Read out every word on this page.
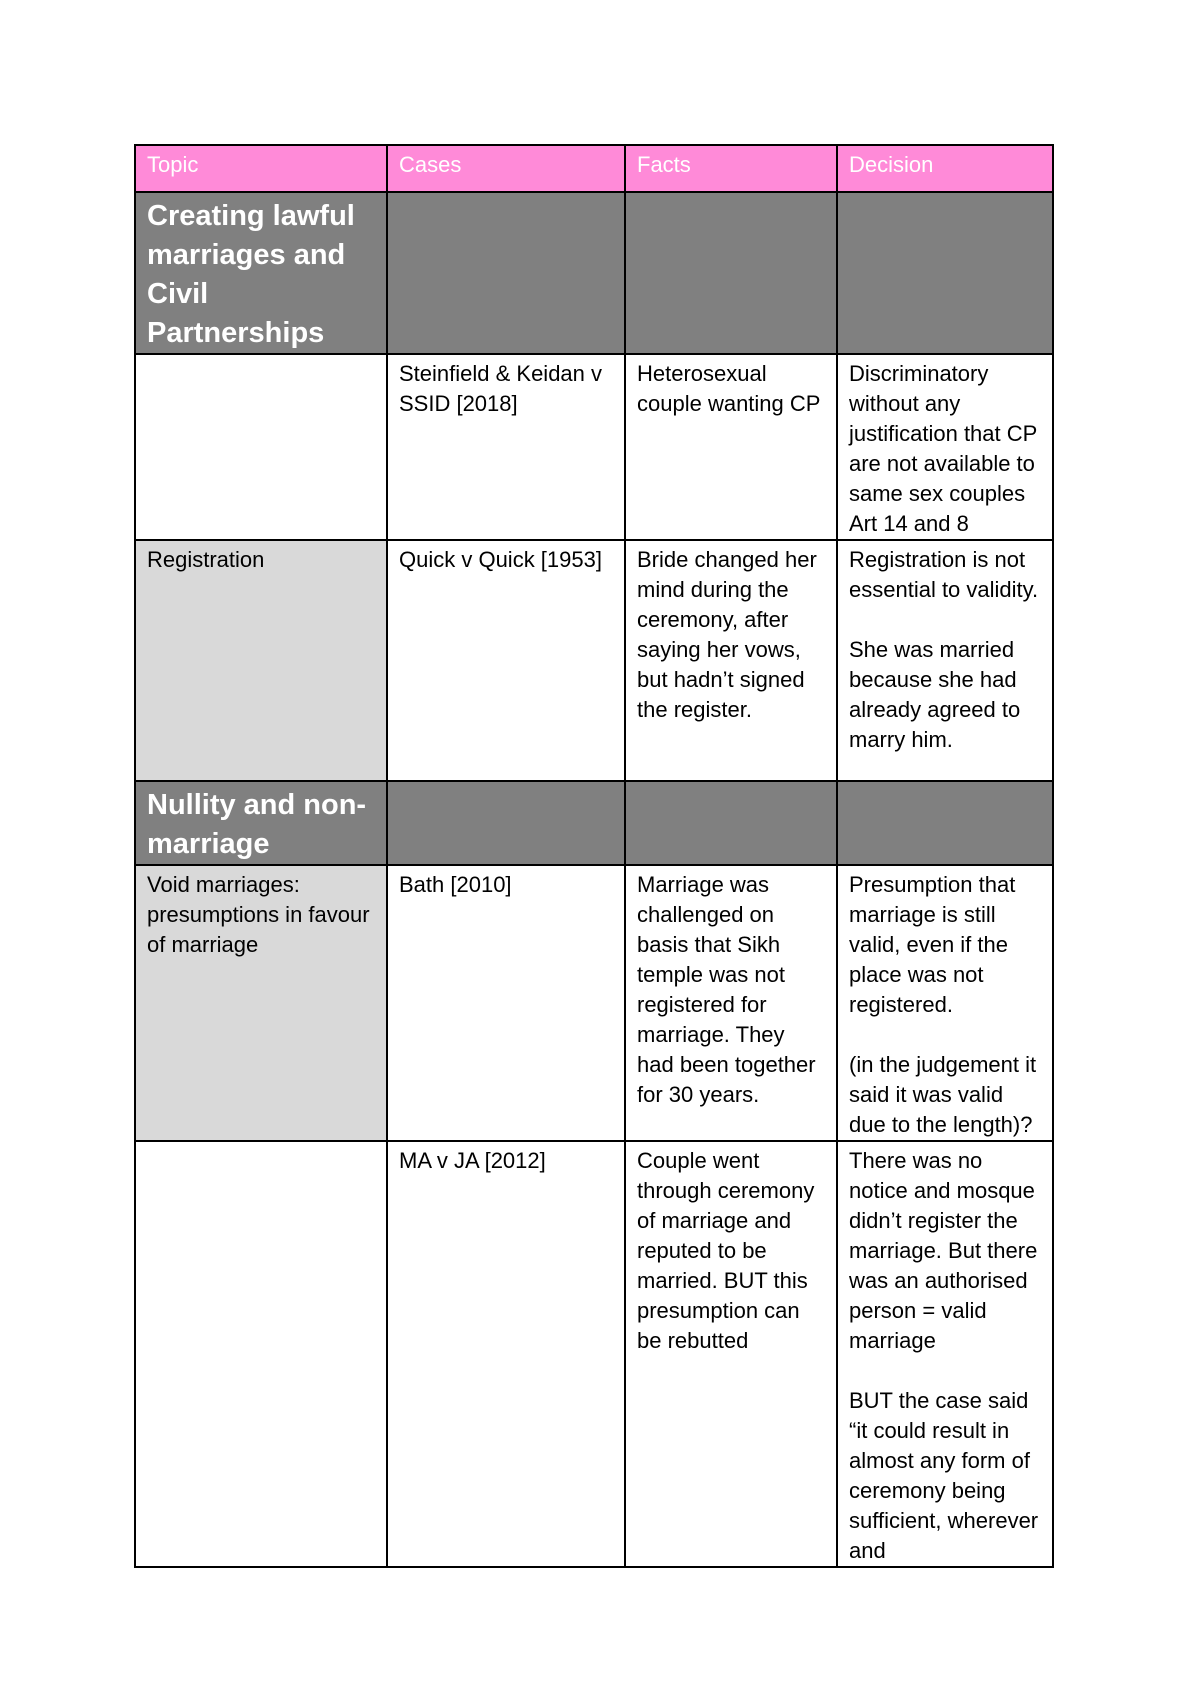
Topic	Cases	Facts	Decision
Creating lawful marriages and Civil Partnerships			
	Steinfield & Keidan v SSID [2018]	Heterosexual couple wanting CP	Discriminatory without any justification that CP are not available to same sex couples Art 14 and 8
Registration	Quick v Quick [1953]	Bride changed her mind during the ceremony, after saying her vows, but hadn’t signed the register.	Registration is not essential to validity.
She was married because she had already agreed to marry him.

Nullity and non-marriage			
Void marriages: presumptions in favour of marriage	Bath [2010]	Marriage was challenged on basis that Sikh temple was not registered for marriage. They had been together for 30 years.	Presumption that marriage is still valid, even if the place was not registered.
(in the judgement it said it was valid due to the length)?

	MA v JA [2012]	Couple went through ceremony of marriage and reputed to be married. BUT this presumption can be rebutted	There was no notice and mosque didn’t register the marriage. But there was an authorised person = valid marriage
BUT the case said “it could result in almost any form of ceremony being sufficient, wherever and
